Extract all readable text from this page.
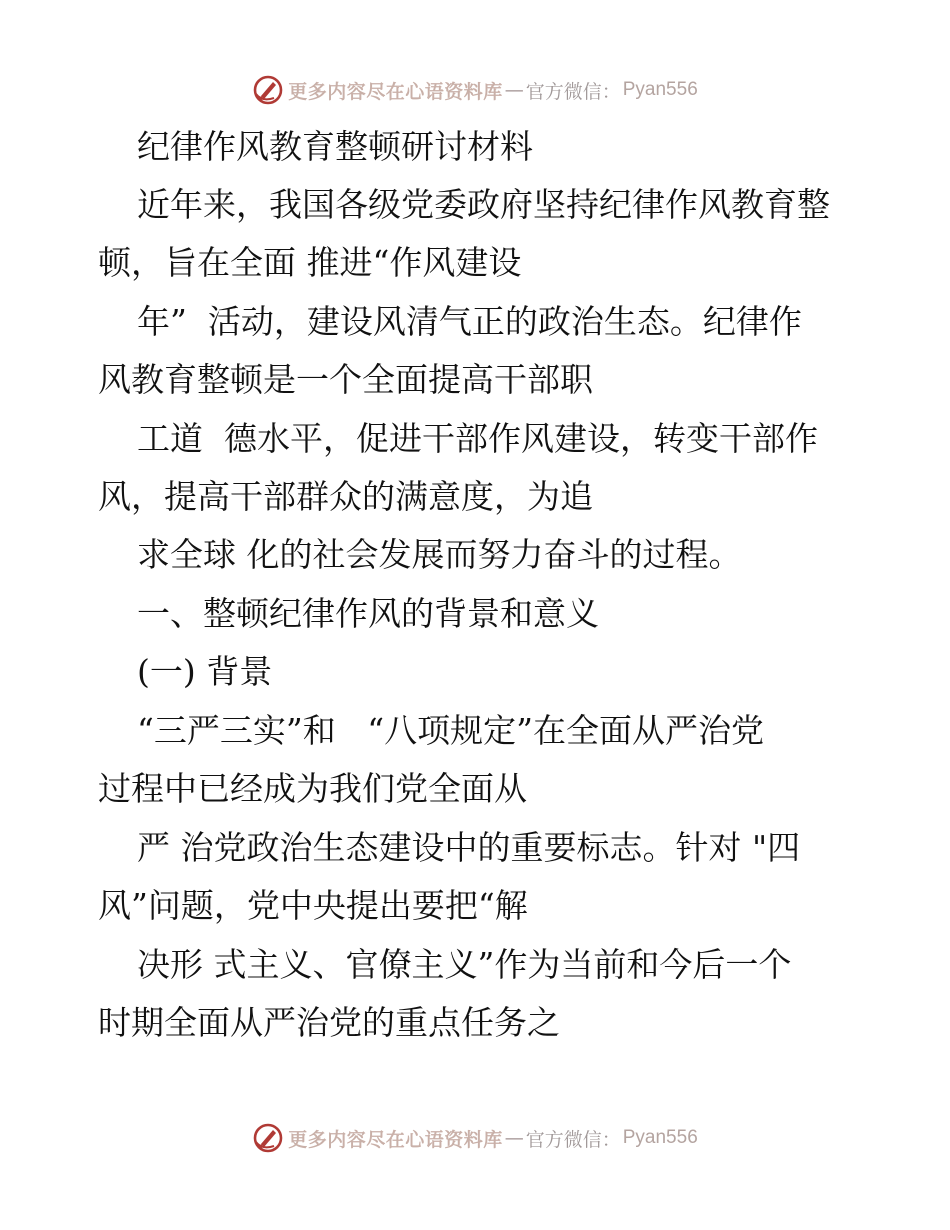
更多内容尽在心语资料库 — 官方微信： Pyan556
纪律作风教育整顿研讨材料
近年来，我国各级党委政府坚持纪律作风教育整
顿，旨在全面 推进“作风建设
年”  活动，建设风清气正的政治生态。纪律作
风教育整顿是一个全面提高干部职
工道  德水平，促进干部作风建设，转变干部作
风，提高干部群众的满意度，为追
求全球 化的社会发展而努力奋斗的过程。
一、整顿纪律作风的背景和意义
(一) 背景
“三严三实”和   “八项规定”在全面从严治党
过程中已经成为我们党全面从
严 治党政治生态建设中的重要标志。针对 "四
风”问题，党中央提出要把“解
决形 式主义、官僚主义”作为当前和今后一个
时期全面从严治党的重点任务之
更多内容尽在心语资料库 — 官方微信： Pyan556
